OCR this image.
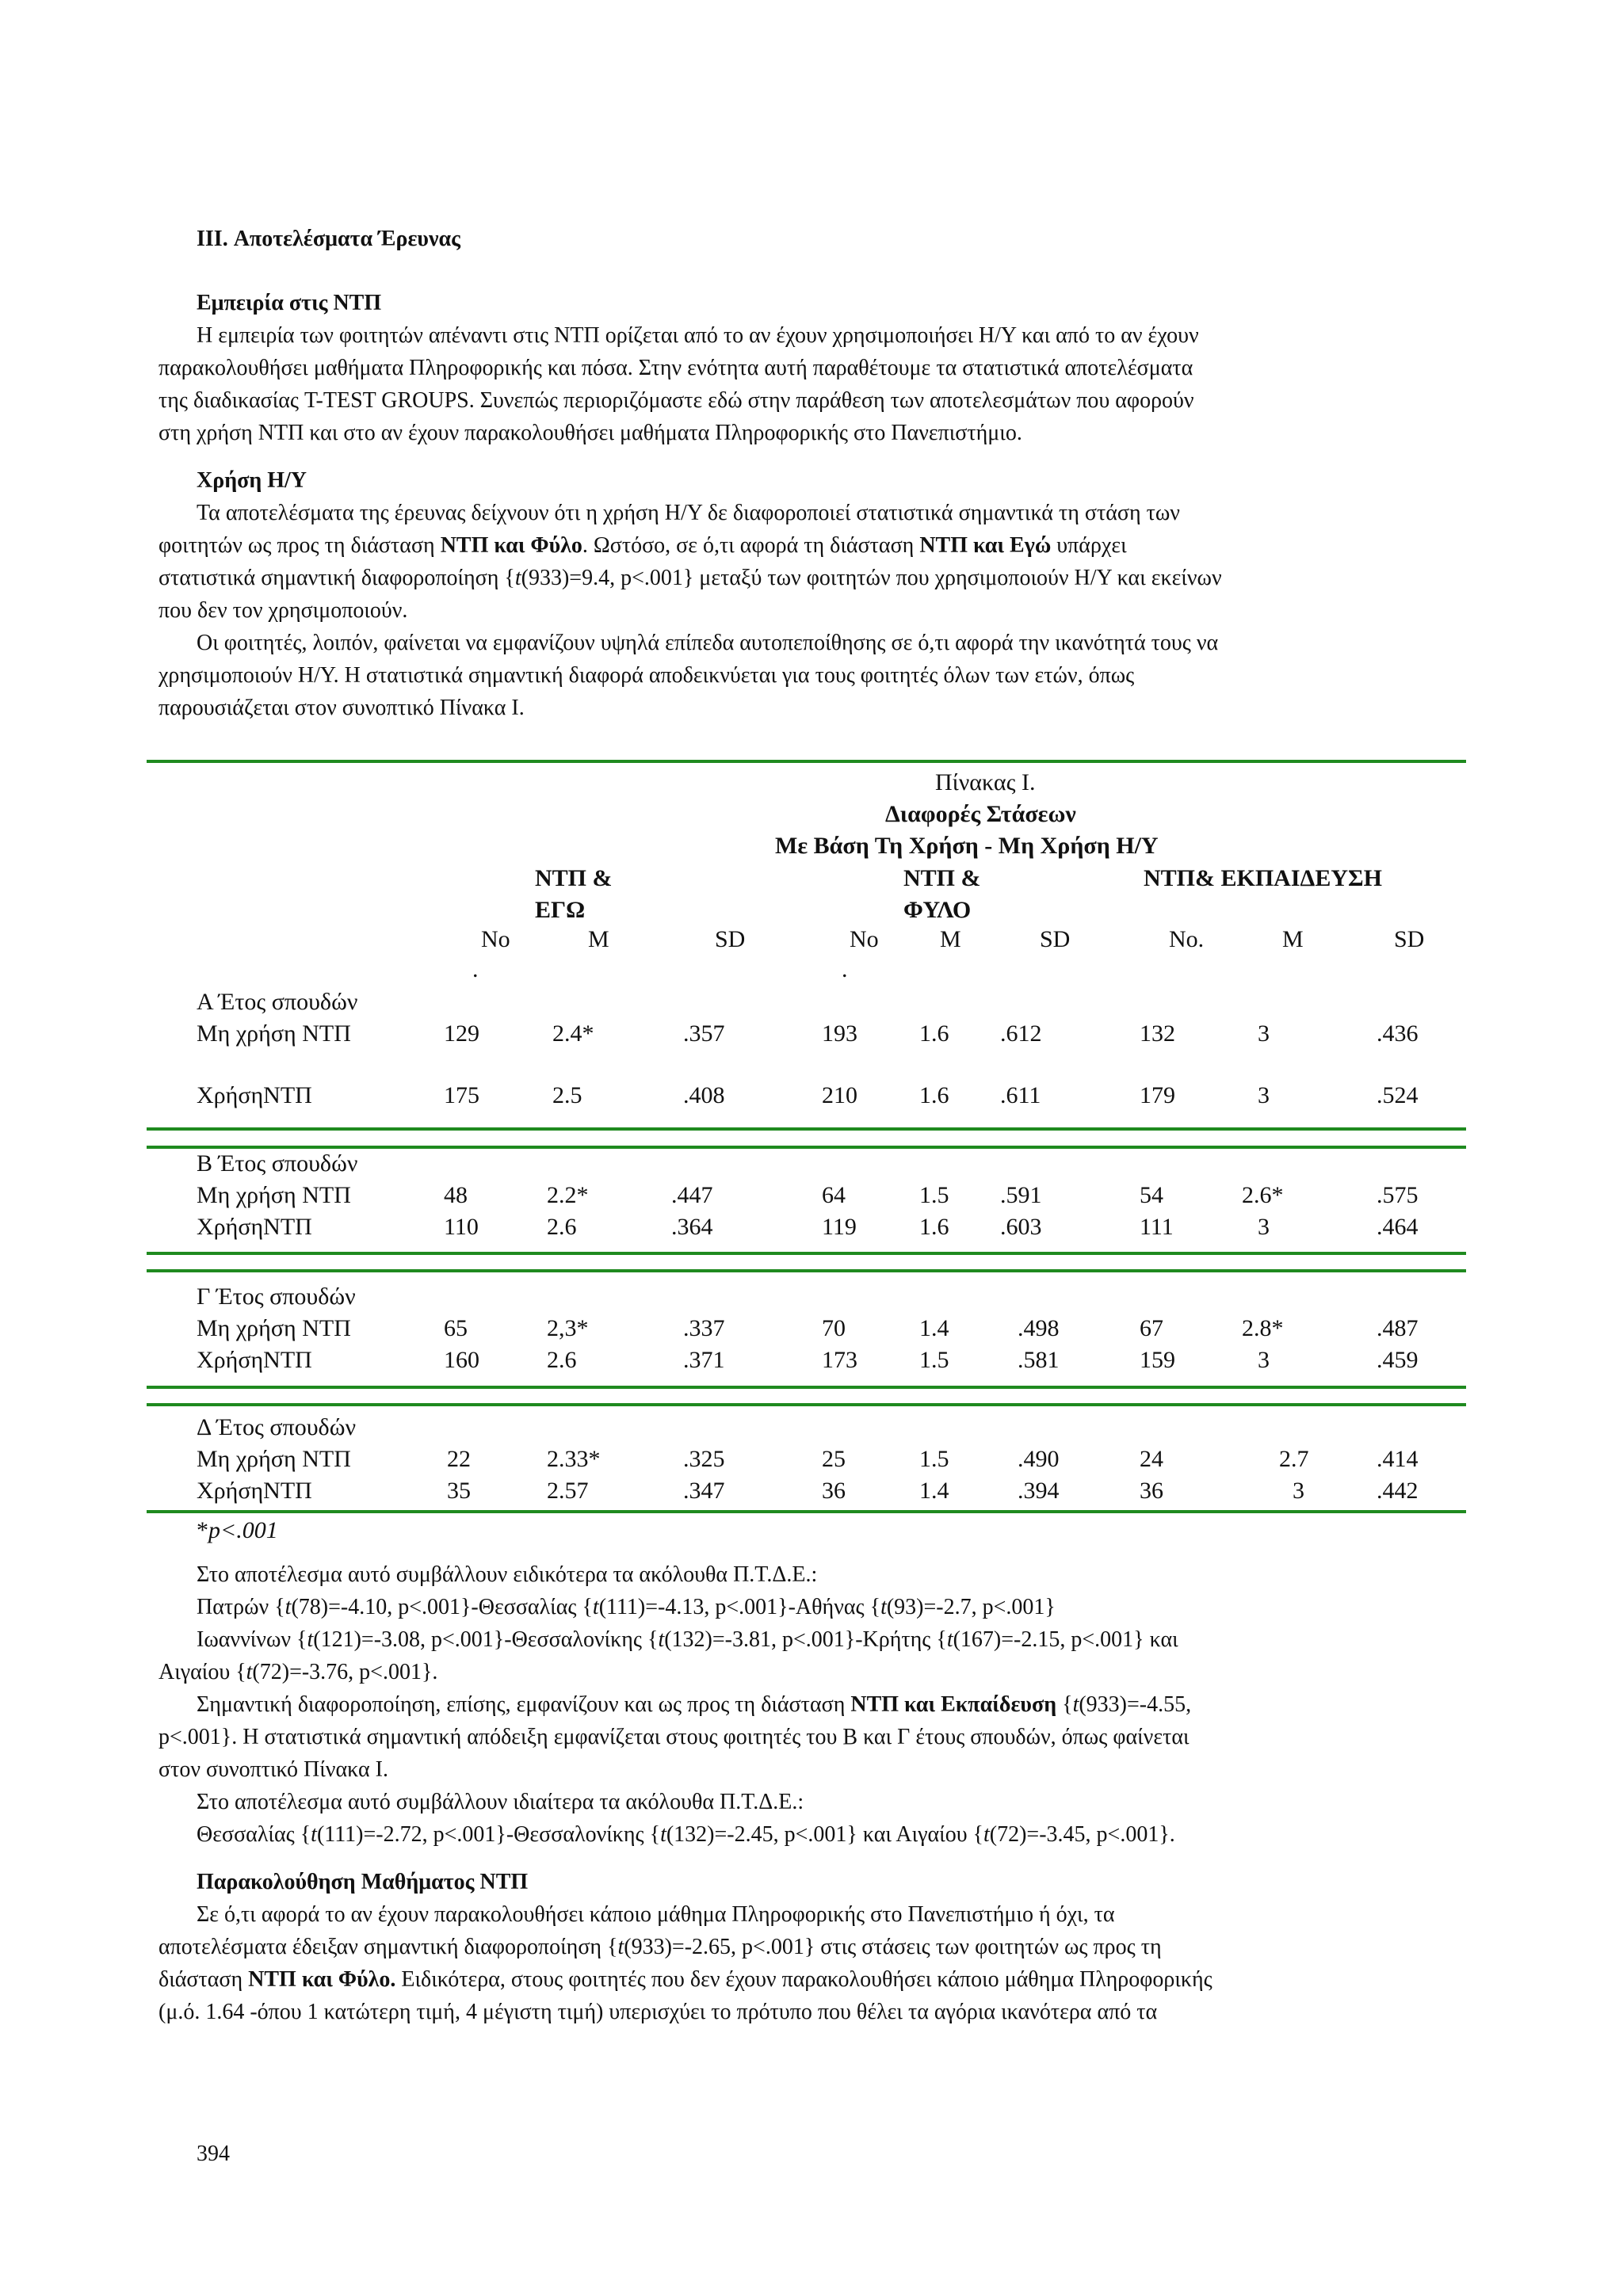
III. Αποτελέσματα Έρευνας
Εμπειρία στις ΝΤΠ
Η εμπειρία των φοιτητών απέναντι στις ΝΤΠ ορίζεται από το αν έχουν χρησιμοποιήσει Η/Υ και από το αν έχουν
παρακολουθήσει μαθήματα Πληροφορικής και πόσα. Στην ενότητα αυτή παραθέτουμε τα στατιστικά αποτελέσματα
της διαδικασίας T-TEST GROUPS. Συνεπώς περιοριζόμαστε εδώ στην παράθεση των αποτελεσμάτων που αφορούν
στη χρήση ΝΤΠ και στο αν έχουν παρακολουθήσει μαθήματα Πληροφορικής στο Πανεπιστήμιο.
Χρήση Η/Υ
Τα αποτελέσματα της έρευνας δείχνουν ότι η χρήση Η/Υ δε διαφοροποιεί στατιστικά σημαντικά τη στάση των
φοιτητών ως προς τη διάσταση ΝΤΠ και Φύλο. Ωστόσο, σε ό,τι αφορά τη διάσταση ΝΤΠ και Εγώ υπάρχει
στατιστικά σημαντική διαφοροποίηση {t(933)=9.4, p<.001} μεταξύ των φοιτητών που χρησιμοποιούν Η/Υ και εκείνων
που δεν τον χρησιμοποιούν.
Οι φοιτητές, λοιπόν, φαίνεται να εμφανίζουν υψηλά επίπεδα αυτοπεποίθησης σε ό,τι αφορά την ικανότητά τους να
χρησιμοποιούν Η/Υ. Η στατιστικά σημαντική διαφορά αποδεικνύεται για τους φοιτητές όλων των ετών, όπως
παρουσιάζεται στον συνοπτικό Πίνακα Ι.
Πίνακας Ι.
Διαφορές Στάσεων
Με Βάση Τη Χρήση - Μη Χρήση Η/Υ
ΝΤΠ &
ΕΓΩ
ΝΤΠ &
ΦΥΛΟ
ΝΤΠ& ΕΚΠΑΙΔΕΥΣΗ
No
.
M	SD	No
.
M	SD	No.	M	SD
Α Έτος σπουδών
Μη χρήση ΝΤΠ	129	2.4*	.357	193	1.6 .612	132	3	.436
ΧρήσηΝΤΠ	175	2.5	.408	210	1.6 .611	179	3	.524
Β Έτος σπουδών
Μη χρήση ΝΤΠ	48	2.2*	.447	64	1.5 .591	54	2.6*	.575
ΧρήσηΝΤΠ	110	2.6	.364	119	1.6 .603	111	3	.464
Γ Έτος σπουδών
Μη χρήση ΝΤΠ	65	2,3*	.337	70	1.4	.498	67	2.8*	.487
ΧρήσηΝΤΠ	160	2.6	.371	173	1.5	.581	159	3	.459
Δ Έτος σπουδών
Μη χρήση ΝΤΠ	22	2.33*	.325	25	1.5	.490	24	2.7	.414
ΧρήσηΝΤΠ	35	2.57	.347	36	1.4	.394	36	3	.442
*p<.001
Στο αποτέλεσμα αυτό συμβάλλουν ειδικότερα τα ακόλουθα Π.Τ.Δ.Ε.:
Πατρών {t(78)=-4.10, p<.001}-Θεσσαλίας {t(111)=-4.13, p<.001}-Αθήνας {t(93)=-2.7, p<.001}
Ιωαννίνων {t(121)=-3.08, p<.001}-Θεσσαλονίκης {t(132)=-3.81, p<.001}-Κρήτης {t(167)=-2.15, p<.001} και
Αιγαίου {t(72)=-3.76, p<.001}.
Σημαντική διαφοροποίηση, επίσης, εμφανίζουν και ως προς τη διάσταση ΝΤΠ και Εκπαίδευση {t(933)=-4.55,
p<.001}. Η στατιστικά σημαντική απόδειξη εμφανίζεται στους φοιτητές του Β και Γ έτους σπουδών, όπως φαίνεται
στον συνοπτικό Πίνακα Ι.
Στο αποτέλεσμα αυτό συμβάλλουν ιδιαίτερα τα ακόλουθα Π.Τ.Δ.Ε.:
Θεσσαλίας {t(111)=-2.72, p<.001}-Θεσσαλονίκης {t(132)=-2.45, p<.001} και Αιγαίου {t(72)=-3.45, p<.001}.
Παρακολούθηση Μαθήματος ΝΤΠ
Σε ό,τι αφορά το αν έχουν παρακολουθήσει κάποιο μάθημα Πληροφορικής στο Πανεπιστήμιο ή όχι, τα
αποτελέσματα έδειξαν σημαντική διαφοροποίηση {t(933)=-2.65, p<.001} στις στάσεις των φοιτητών ως προς τη
διάσταση ΝΤΠ και Φύλο. Ειδικότερα, στους φοιτητές που δεν έχουν παρακολουθήσει κάποιο μάθημα Πληροφορικής
(μ.ό. 1.64 -όπου 1 κατώτερη τιμή, 4 μέγιστη τιμή) υπερισχύει το πρότυπο που θέλει τα αγόρια ικανότερα από τα
394
